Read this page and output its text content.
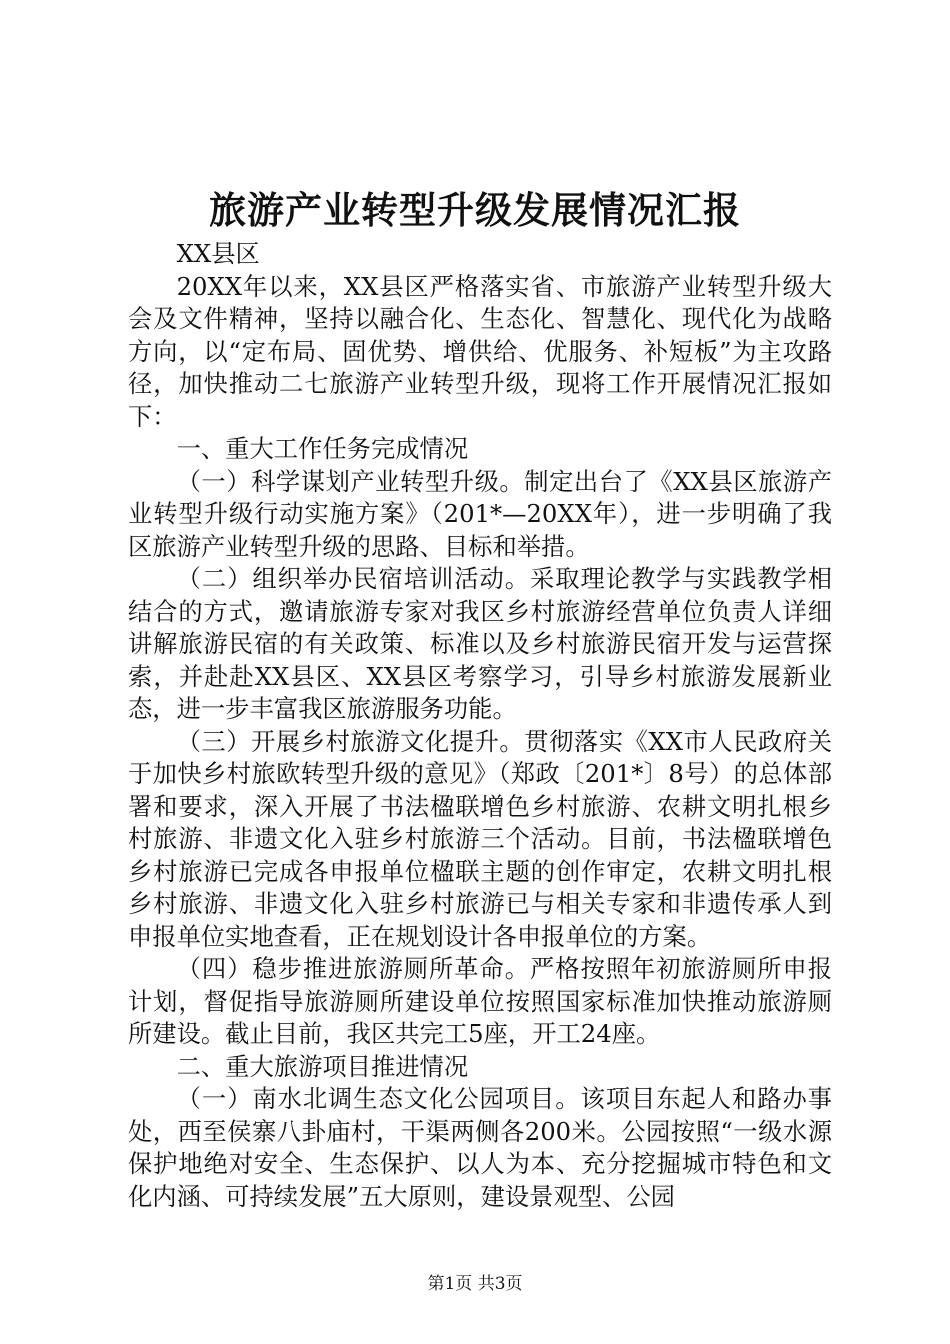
旅游产业转型升级发展情况汇报

XX县区

20XX年以来，XX县区严格落实省、市旅游产业转型升级大会及文件精神，坚持以融合化、生态化、智慧化、现代化为战略方向，以“定布局、固优势、增供给、优服务、补短板”为主攻路径，加快推动二七旅游产业转型升级，现将工作开展情况汇报如下：

一、重大工作任务完成情况

（一）科学谋划产业转型升级。制定出台了《XX县区旅游产业转型升级行动实施方案》（201*—20XX年），进一步明确了我区旅游产业转型升级的思路、目标和举措。

（二）组织举办民宿培训活动。采取理论教学与实践教学相结合的方式，邀请旅游专家对我区乡村旅游经营单位负责人详细讲解旅游民宿的有关政策、标准以及乡村旅游民宿开发与运营探索，并赴赴XX县区、XX县区考察学习，引导乡村旅游发展新业态，进一步丰富我区旅游服务功能。

（三）开展乡村旅游文化提升。贯彻落实《XX市人民政府关于加快乡村旅欧转型升级的意见》（郑政〔201*〕8号）的总体部署和要求，深入开展了书法楹联增色乡村旅游、农耕文明扎根乡村旅游、非遗文化入驻乡村旅游三个活动。目前，书法楹联增色乡村旅游已完成各申报单位楹联主题的创作审定，农耕文明扎根乡村旅游、非遗文化入驻乡村旅游已与相关专家和非遗传承人到申报单位实地查看，正在规划设计各申报单位的方案。

（四）稳步推进旅游厕所革命。严格按照年初旅游厕所申报计划，督促指导旅游厕所建设单位按照国家标准加快推动旅游厕所建设。截止目前，我区共完工5座，开工24座。

二、重大旅游项目推进情况

（一）南水北调生态文化公园项目。该项目东起人和路办事处，西至侯寨八卦庙村，干渠两侧各200米。公园按照“一级水源保护地绝对安全、生态保护、以人为本、充分挖掘城市特色和文化内涵、可持续发展”五大原则，建设景观型、公园

第1页 共3页
